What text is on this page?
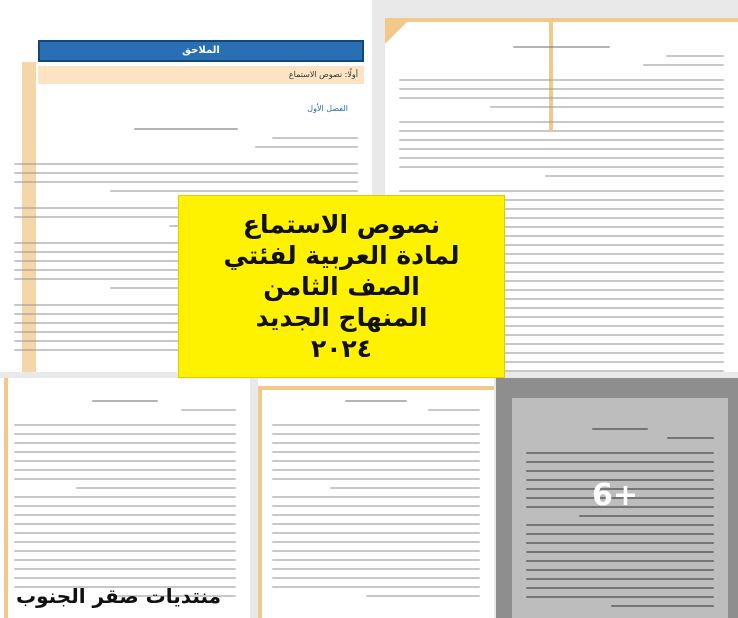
الملاحق
أولًا: نصوص الاستماع
الفصل الأول
6+
نصوص الاستماع
لمادة العربية لفئتي
الصف الثامن
المنهاج الجديد
٢٠٢٤
منتديات صقر الجنوب
